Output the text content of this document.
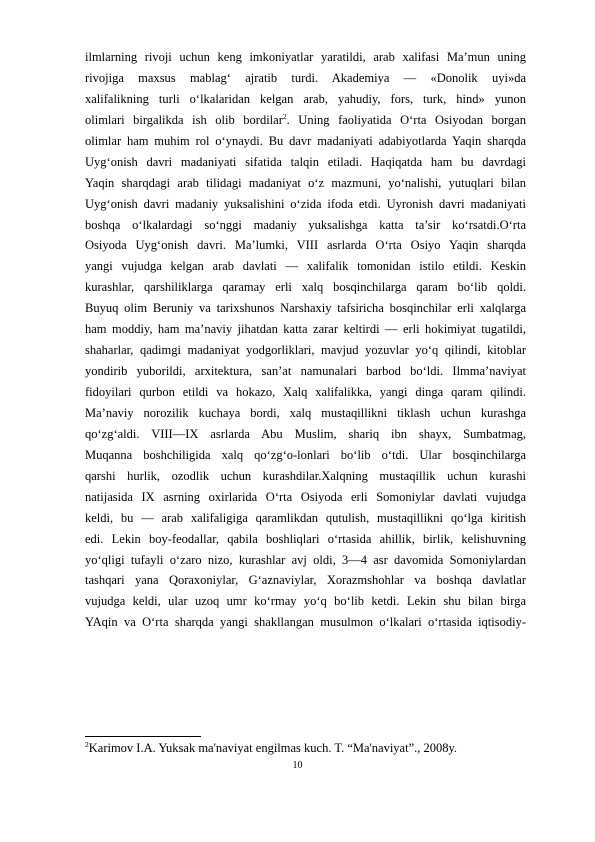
ilmlarning rivoji uchun keng imkoniyatlar yaratildi, arab xalifasi Ma’mun uning
rivojiga maxsus mablag‘ ajratib turdi. Akademiya — «Donolik uyi»da
xalifalikning turli o‘lkalaridan kelgan arab, yahudiy, fors, turk, hind» yunon
olimlari birgalikda ish olib bordilar$^2$. Uning faoliyatida O‘rta Osiyodan borgan
olimlar ham muhim rol o‘ynaydi. Bu davr madaniyati adabiyotlarda Yaqin sharqda
Uyg‘onish davri madaniyati sifatida talqin etiladi. Haqiqatda ham bu davrdagi
Yaqin sharqdagi arab tilidagi madaniyat o‘z mazmuni, yo‘nalishi, yutuqlari bilan
Uyg‘onish davri madaniy yuksalishini o‘zida ifoda etdi. Uyronish davri madaniyati
boshqa o‘lkalardagi so‘nggi madaniy yuksalishga katta ta’sir ko‘rsatdi.O‘rta
Osiyoda Uyg‘onish davri. Ma’lumki, VIII asrlarda O‘rta Osiyo Yaqin sharqda
yangi vujudga kelgan arab davlati — xalifalik tomonidan istilo etildi. Keskin
kurashlar, qarshiliklarga qaramay erli xalq bosqinchilarga qaram bo‘lib qoldi.
Buyuq olim Beruniy va tarixshunos Narshaxiy tafsiricha bosqinchilar erli xalqlarga
ham moddiy, ham ma’naviy jihatdan katta zarar keltirdi — erli hokimiyat tugatildi,
shaharlar, qadimgi madaniyat yodgorliklari, mavjud yozuvlar yo‘q qilindi, kitoblar
yondirib yuborildi, arxitektura, san’at namunalari barbod bo‘ldi. Ilmma’naviyat
fidoyilari qurbon etildi va hokazo, Xalq xalifalikka, yangi dinga qaram qilindi.
Ma’naviy norozilik kuchaya bordi, xalq mustaqillikni tiklash uchun kurashga
qo‘zg‘aldi. VIII—IX asrlarda Abu Muslim, shariq ibn shayx, Sumbatmag,
Muqanna boshchiligida xalq qo‘zg‘o-lonlari bo‘lib o‘tdi. Ular bosqinchilarga
qarshi hurlik, ozodlik uchun kurashdilar.Xalqning mustaqillik uchun kurashi
natijasida IX asrning oxirlarida O‘rta Osiyoda erli Somoniylar davlati vujudga
keldi, bu — arab xalifaligiga qaramlikdan qutulish, mustaqillikni qo‘lga kiritish
edi. Lekin boy-feodallar, qabila boshliqlari o‘rtasida ahillik, birlik, kelishuvning
yo‘qligi tufayli o‘zaro nizo, kurashlar avj oldi, 3—4 asr davomida Somoniylardan
tashqari yana Qoraxoniylar, G‘aznaviylar, Xorazmshohlar va boshqa davlatlar
vujudga keldi, ular uzoq umr ko‘rmay yo‘q bo‘lib ketdi. Lekin shu bilan birga
YAqin va O‘rta sharqda yangi shakllangan musulmon o‘lkalari o‘rtasida iqtisodiy-
$^2$Karimov I.A. Yuksak ma'naviyat engilmas kuch. T. “Ma'naviyat”., 2008y.
10
